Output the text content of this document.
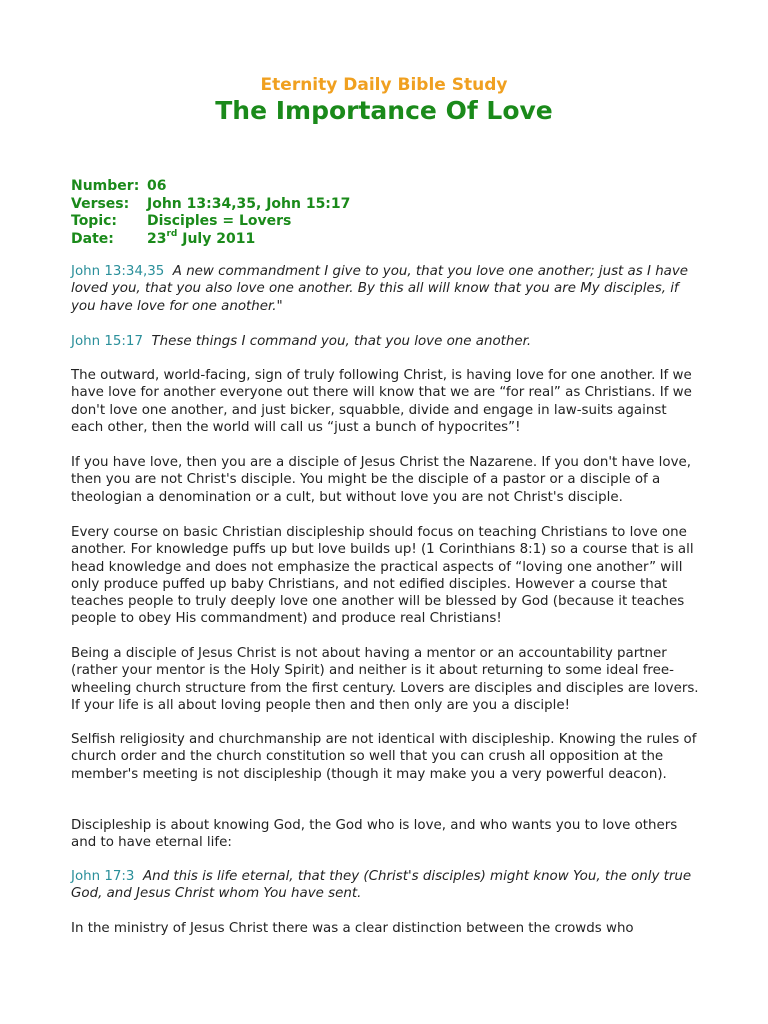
Eternity Daily Bible Study
The Importance Of Love
Number: 06
Verses:	John 13:34,35, John 15:17
Topic:	Disciples = Lovers
Date:	23rd July 2011

John 13:34,35 A new commandment I give to you, that you love one another; just as I have loved you, that you also love one another. By this all will know that you are My disciples, if you have love for one another."

John 15:17 These things I command you, that you love one another.

The outward, world-facing, sign of truly following Christ, is having love for one another. If we have love for another everyone out there will know that we are “for real” as Christians. If we don't love one another, and just bicker, squabble, divide and engage in law-suits against each other, then the world will call us “just a bunch of hypocrites”!

If you have love, then you are a disciple of Jesus Christ the Nazarene. If you don't have love, then you are not Christ's disciple. You might be the disciple of a pastor or a disciple of a theologian a denomination or a cult, but without love you are not Christ's disciple.

Every course on basic Christian discipleship should focus on teaching Christians to love one another. For knowledge puffs up but love builds up! (1 Corinthians 8:1) so a course that is all head knowledge and does not emphasize the practical aspects of “loving one another” will only produce puffed up baby Christians, and not edified disciples. However a course that teaches people to truly deeply love one another will be blessed by God (because it teaches people to obey His commandment) and produce real Christians!

Being a disciple of Jesus Christ is not about having a mentor or an accountability partner (rather your mentor is the Holy Spirit) and neither is it about returning to some ideal free-wheeling church structure from the first century. Lovers are disciples and disciples are lovers. If your life is all about loving people then and then only are you a disciple!

Selfish religiosity and churchmanship are not identical with discipleship. Knowing the rules of church order and the church constitution so well that you can crush all opposition at the member's meeting is not discipleship (though it may make you a very powerful deacon).

Discipleship is about knowing God, the God who is love, and who wants you to love others and to have eternal life:

John 17:3 And this is life eternal, that they (Christ's disciples) might know You, the only true God, and Jesus Christ whom You have sent.

In the ministry of Jesus Christ there was a clear distinction between the crowds who
